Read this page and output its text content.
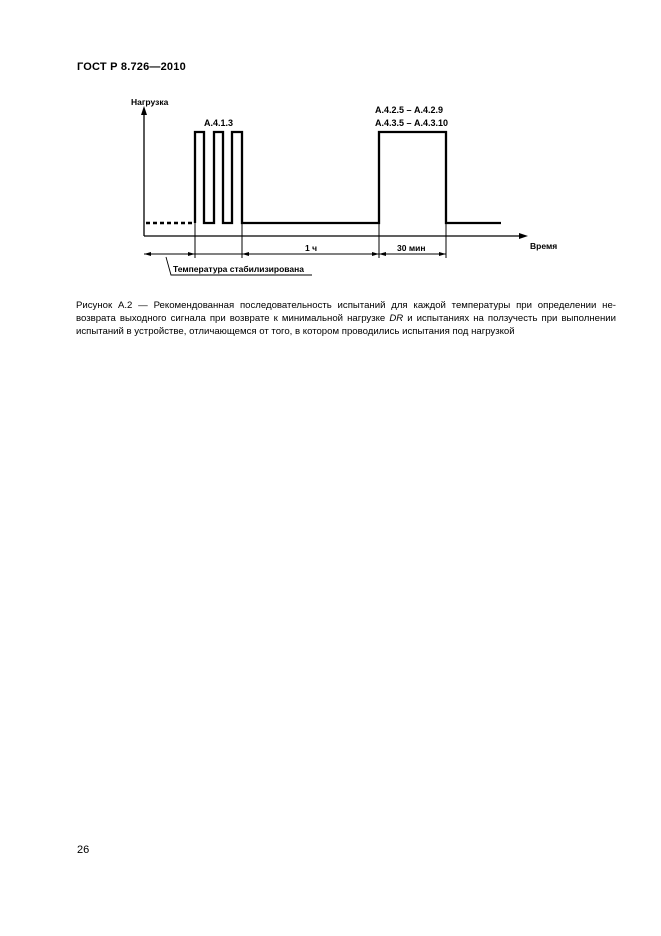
ГОСТ Р 8.726—2010
Нагрузка
Время
А.4.1.3
А.4.2.5 – А.4.2.9
А.4.3.5 – А.4.3.10
1 ч	30 мин
Температура стабилизирована
Рисунок А.2 — Рекомендованная последовательность испытаний для каждой температуры при определении не-
возврата выходного сигнала при возврате к минимальной нагрузке DR и испытаниях на ползучесть при выполнении
испытаний в устройстве, отличающемся от того, в котором проводились испытания под нагрузкой
26
